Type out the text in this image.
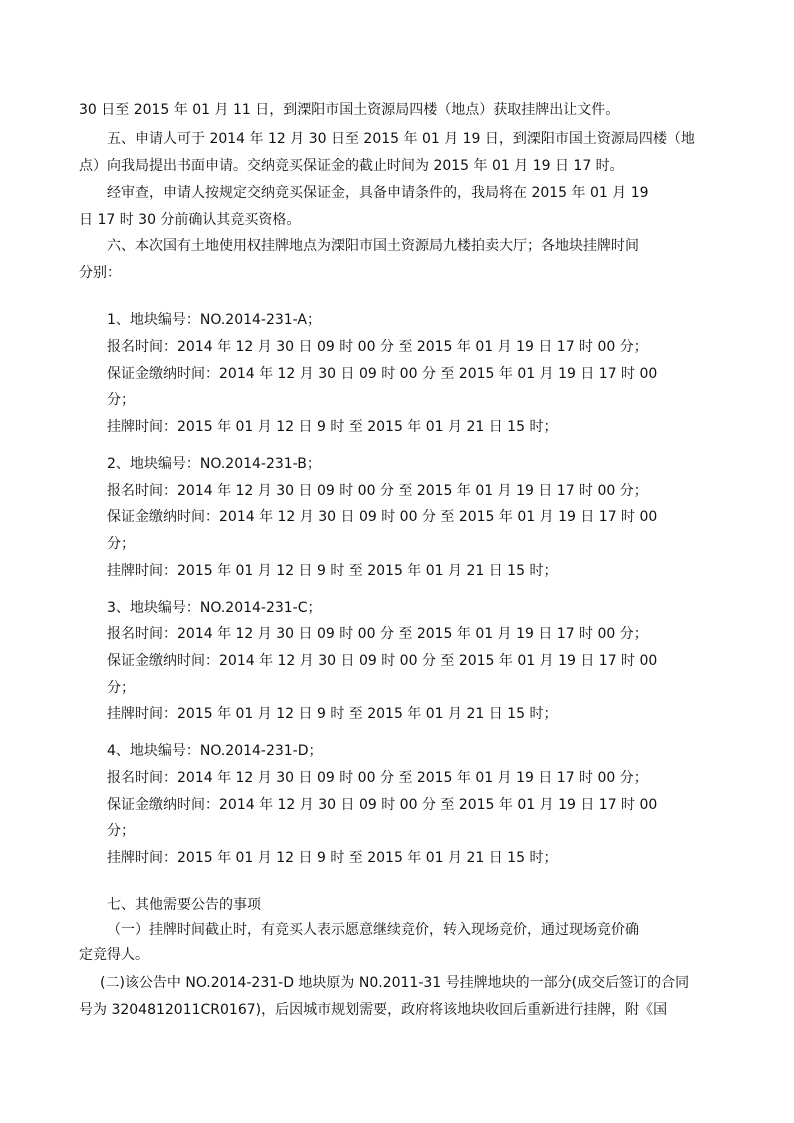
30 日至 2015 年 01 月 11 日，到溧阳市国土资源局四楼（地点）获取挂牌出让文件。
五、申请人可于 2014 年 12 月 30 日至 2015 年 01 月 19 日，到溧阳市国土资源局四楼（地
点）向我局提出书面申请。交纳竞买保证金的截止时间为 2015 年 01 月 19 日 17 时。
经审查，申请人按规定交纳竞买保证金，具备申请条件的，我局将在 2015 年 01 月 19
日 17 时 30 分前确认其竞买资格。
六、本次国有土地使用权挂牌地点为溧阳市国土资源局九楼拍卖大厅；各地块挂牌时间
分别：
1、地块编号：NO.2014-231-A；
报名时间：2014 年 12 月 30 日 09 时 00 分 至 2015 年 01 月 19 日 17 时 00 分；
保证金缴纳时间：2014 年 12 月 30 日 09 时 00 分 至 2015 年 01 月 19 日 17 时 00
分；
挂牌时间：2015 年 01 月 12 日 9 时 至 2015 年 01 月 21 日 15 时；
2、地块编号：NO.2014-231-B；
报名时间：2014 年 12 月 30 日 09 时 00 分 至 2015 年 01 月 19 日 17 时 00 分；
保证金缴纳时间：2014 年 12 月 30 日 09 时 00 分 至 2015 年 01 月 19 日 17 时 00
分；
挂牌时间：2015 年 01 月 12 日 9 时 至 2015 年 01 月 21 日 15 时；
3、地块编号：NO.2014-231-C；
报名时间：2014 年 12 月 30 日 09 时 00 分 至 2015 年 01 月 19 日 17 时 00 分；
保证金缴纳时间：2014 年 12 月 30 日 09 时 00 分 至 2015 年 01 月 19 日 17 时 00
分；
挂牌时间：2015 年 01 月 12 日 9 时 至 2015 年 01 月 21 日 15 时；
4、地块编号：NO.2014-231-D；
报名时间：2014 年 12 月 30 日 09 时 00 分 至 2015 年 01 月 19 日 17 时 00 分；
保证金缴纳时间：2014 年 12 月 30 日 09 时 00 分 至 2015 年 01 月 19 日 17 时 00
分；
挂牌时间：2015 年 01 月 12 日 9 时 至 2015 年 01 月 21 日 15 时；
七、其他需要公告的事项
（一）挂牌时间截止时，有竞买人表示愿意继续竞价，转入现场竞价，通过现场竞价确
定竞得人。
(二)该公告中 NO.2014-231-D 地块原为 N0.2011-31 号挂牌地块的一部分(成交后签订的合同
号为 3204812011CR0167)，后因城市规划需要，政府将该地块收回后重新进行挂牌，附《国
